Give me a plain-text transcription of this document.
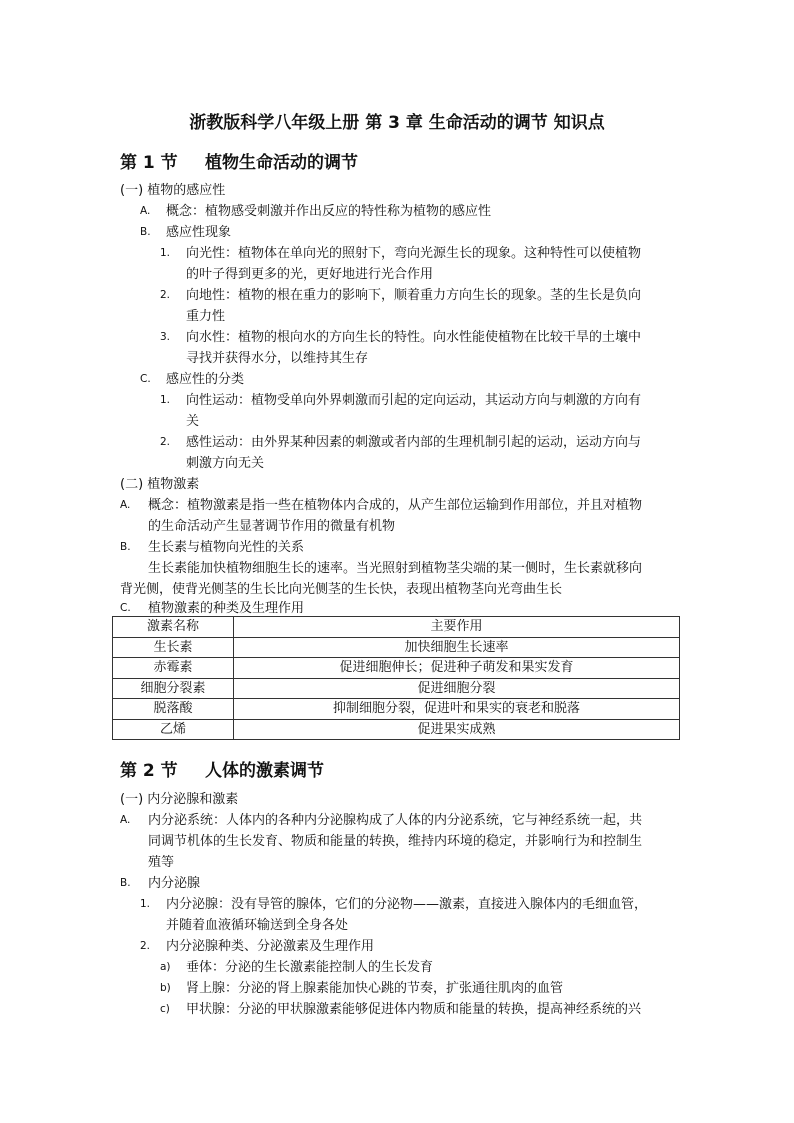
浙教版科学八年级上册 第 3 章 生命活动的调节 知识点
第 1 节 植物生命活动的调节
(一) 植物的感应性
A. 概念：植物感受刺激并作出反应的特性称为植物的感应性
B. 感应性现象
1. 向光性：植物体在单向光的照射下，弯向光源生长的现象。这种特性可以使植物
的叶子得到更多的光，更好地进行光合作用
2. 向地性：植物的根在重力的影响下，顺着重力方向生长的现象。茎的生长是负向
重力性
3. 向水性：植物的根向水的方向生长的特性。向水性能使植物在比较干旱的土壤中
寻找并获得水分，以维持其生存
C. 感应性的分类
1. 向性运动：植物受单向外界刺激而引起的定向运动，其运动方向与刺激的方向有
关
2. 感性运动：由外界某种因素的刺激或者内部的生理机制引起的运动，运动方向与
刺激方向无关
(二) 植物激素
A. 概念：植物激素是指一些在植物体内合成的，从产生部位运输到作用部位，并且对植物
的生命活动产生显著调节作用的微量有机物
B. 生长素与植物向光性的关系
生长素能加快植物细胞生长的速率。当光照射到植物茎尖端的某一侧时，生长素就移向
背光侧，使背光侧茎的生长比向光侧茎的生长快，表现出植物茎向光弯曲生长
C. 植物激素的种类及生理作用
激素名称	主要作用
生长素	加快细胞生长速率
赤霉素	促进细胞伸长；促进种子萌发和果实发育
细胞分裂素	促进细胞分裂
脱落酸	抑制细胞分裂，促进叶和果实的衰老和脱落
乙烯	促进果实成熟
第 2 节 人体的激素调节
(一) 内分泌腺和激素
A. 内分泌系统：人体内的各种内分泌腺构成了人体的内分泌系统，它与神经系统一起，共
同调节机体的生长发育、物质和能量的转换，维持内环境的稳定，并影响行为和控制生
殖等
B. 内分泌腺
1. 内分泌腺：没有导管的腺体，它们的分泌物——激素，直接进入腺体内的毛细血管，
并随着血液循环输送到全身各处
2. 内分泌腺种类、分泌激素及生理作用
a) 垂体：分泌的生长激素能控制人的生长发育
b) 肾上腺：分泌的肾上腺素能加快心跳的节奏，扩张通往肌肉的血管
c) 甲状腺：分泌的甲状腺激素能够促进体内物质和能量的转换，提高神经系统的兴
